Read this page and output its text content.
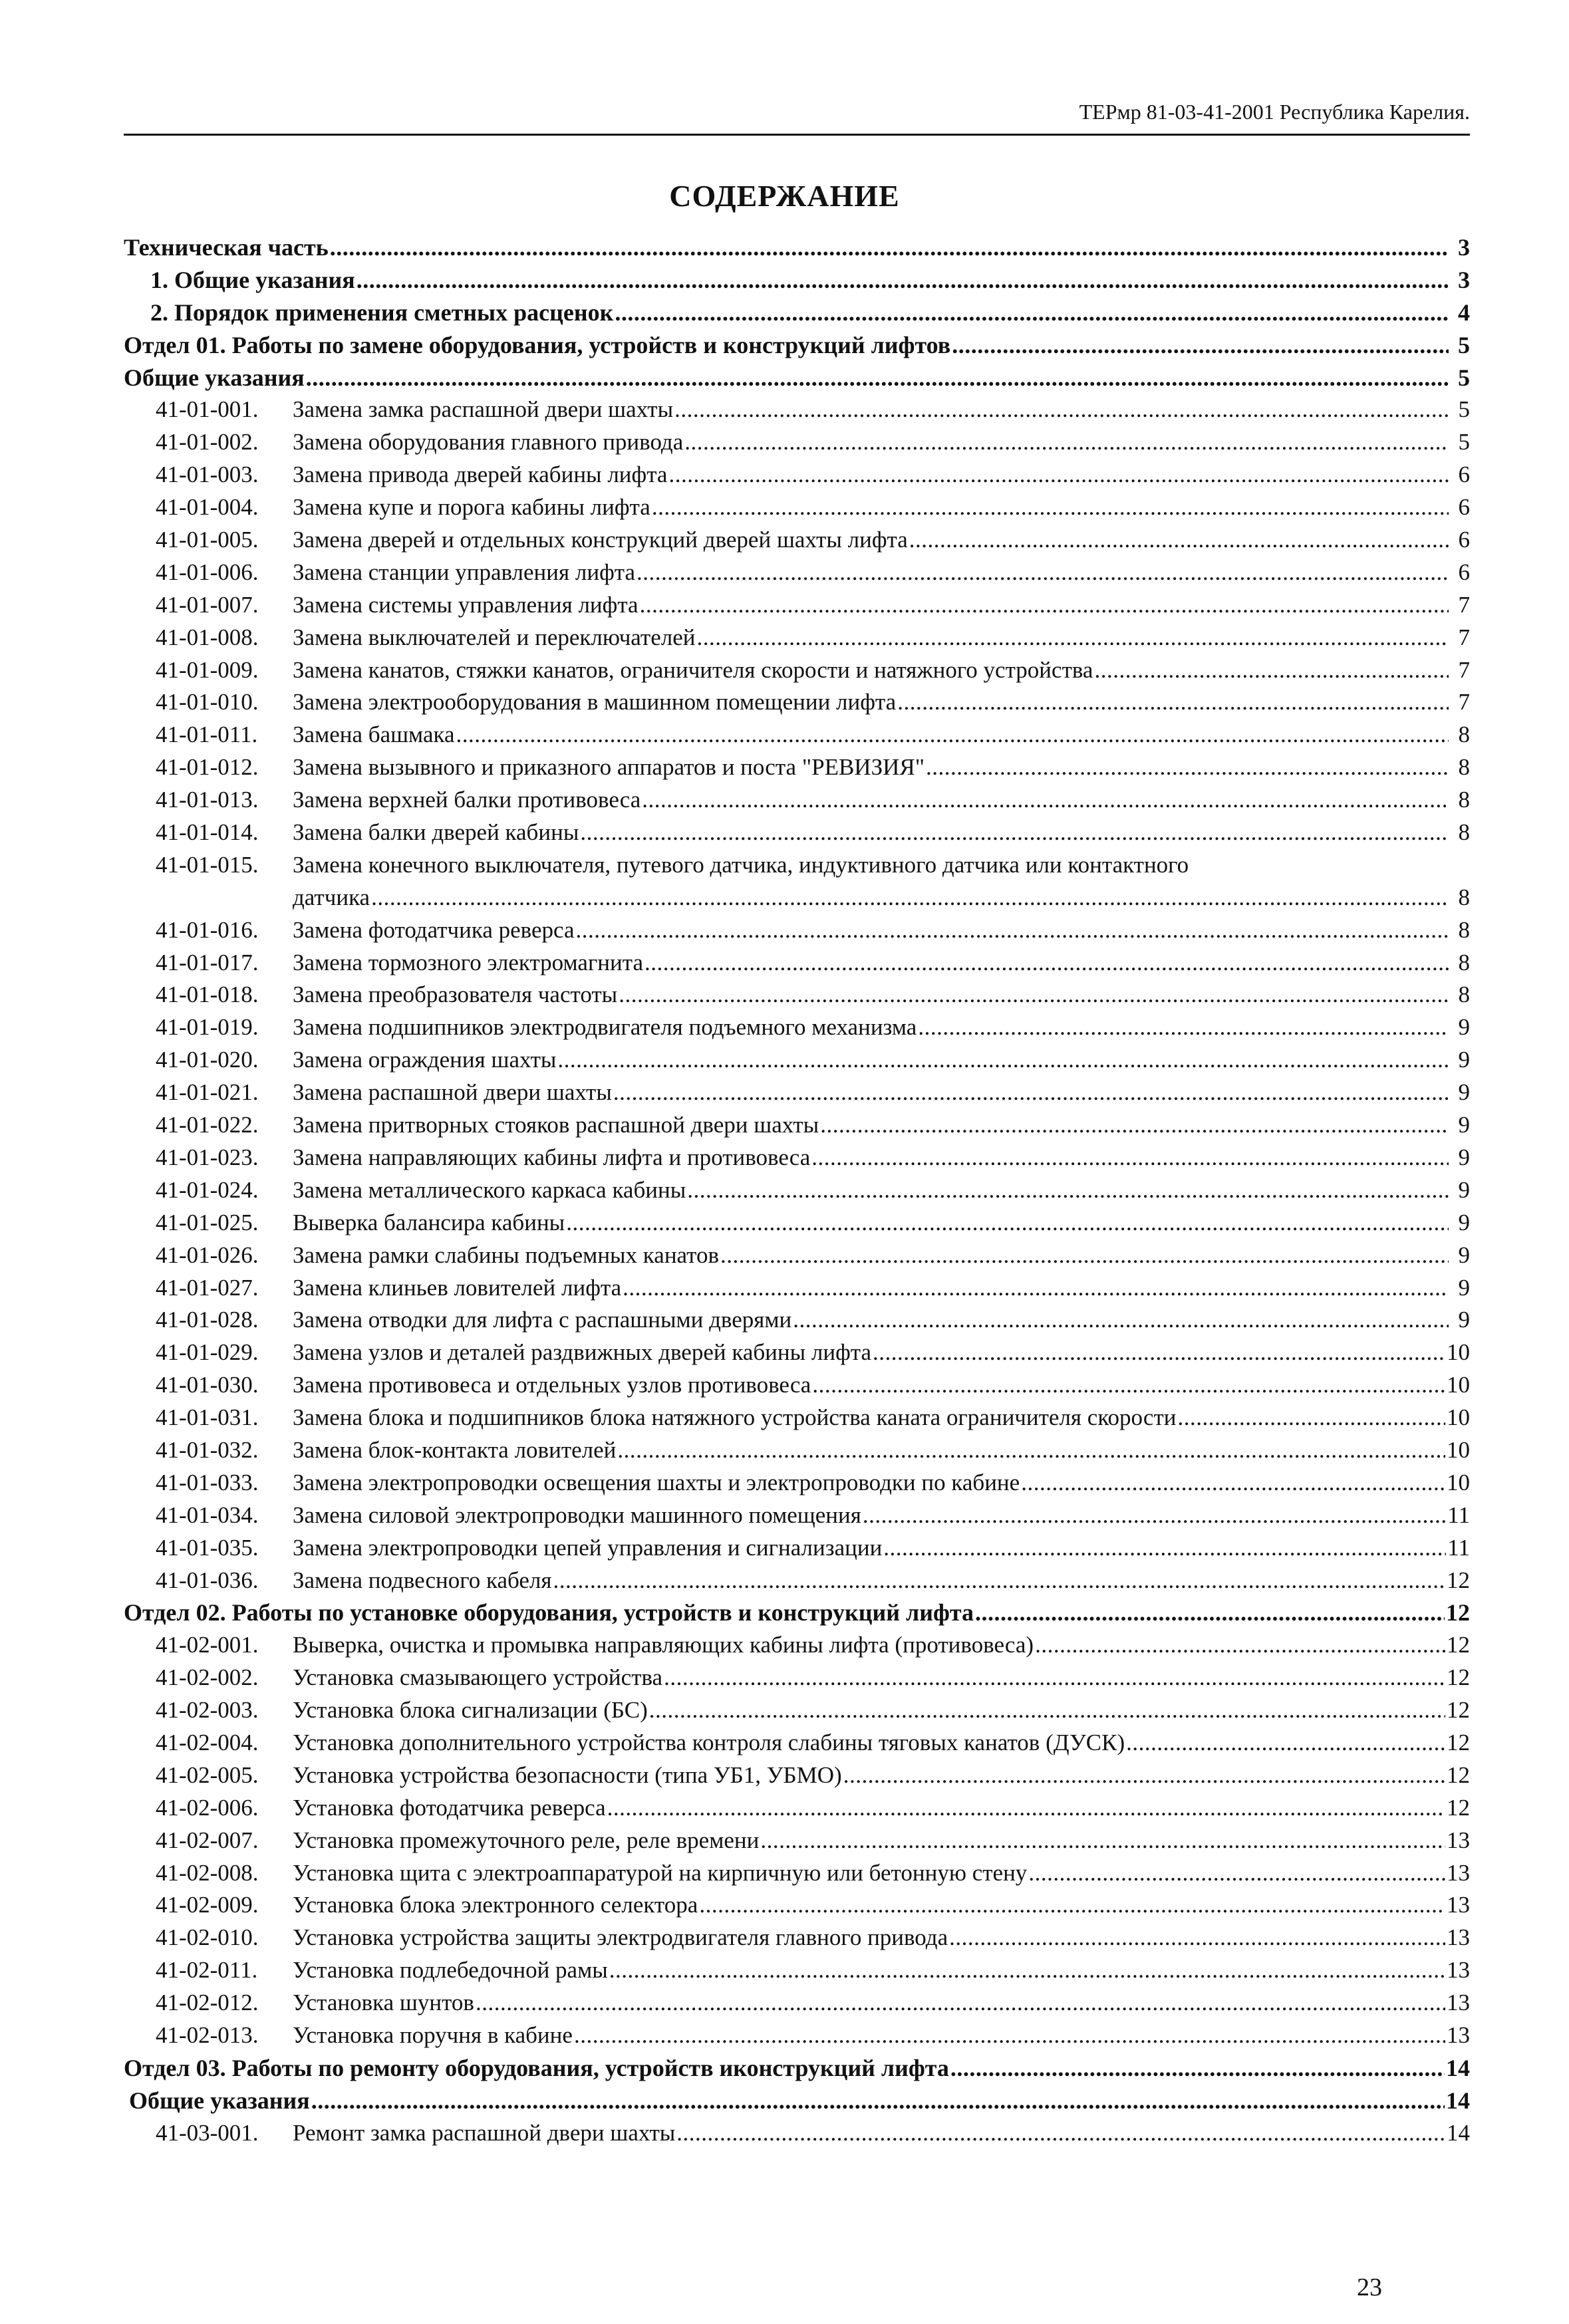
ТЕРмр 81-03-41-2001 Республика Карелия.
СОДЕРЖАНИЕ
Техническая часть .....	3
1. Общие указания .....	3
2. Порядок применения сметных расценок .....	4
Отдел 01. Работы по замене оборудования, устройств и конструкций лифтов .....	5
Общие указания .....	5
41-01-001.	Замена замка распашной двери шахты .....	5
41-01-002.	Замена оборудования главного привода .....	5
41-01-003.	Замена привода дверей кабины лифта .....	6
41-01-004.	Замена купе и порога кабины лифта .....	6
41-01-005.	Замена дверей и отдельных конструкций дверей шахты лифта .....	6
41-01-006.	Замена станции управления лифта .....	6
41-01-007.	Замена системы управления лифта .....	7
41-01-008.	Замена выключателей и переключателей .....	7
41-01-009.	Замена канатов, стяжки канатов, ограничителя скорости и натяжного устройства .....	7
41-01-010.	Замена электрооборудования в машинном помещении лифта .....	7
41-01-011.	Замена башмака .....	8
41-01-012.	Замена вызывного и приказного аппаратов и поста "РЕВИЗИЯ" .....	8
41-01-013.	Замена верхней балки противовеса .....	8
41-01-014.	Замена балки дверей кабины .....	8
41-01-015.	Замена конечного выключателя, путевого датчика, индуктивного датчика или контактного
датчика .....	8
41-01-016.	Замена фотодатчика реверса .....	8
41-01-017.	Замена тормозного электромагнита .....	8
41-01-018.	Замена преобразователя частоты .....	8
41-01-019.	Замена подшипников электродвигателя подъемного механизма .....	9
41-01-020.	Замена ограждения шахты .....	9
41-01-021.	Замена распашной двери шахты .....	9
41-01-022.	Замена притворных стояков распашной двери шахты .....	9
41-01-023.	Замена направляющих кабины лифта и противовеса .....	9
41-01-024.	Замена металлического каркаса кабины .....	9
41-01-025.	Выверка балансира кабины .....	9
41-01-026.	Замена рамки слабины подъемных канатов .....	9
41-01-027.	Замена клиньев ловителей лифта .....	9
41-01-028.	Замена отводки для лифта с распашными дверями .....	9
41-01-029.	Замена узлов и деталей раздвижных дверей кабины лифта .....	10
41-01-030.	Замена противовеса и отдельных узлов противовеса .....	10
41-01-031.	Замена блока и подшипников блока натяжного устройства каната ограничителя скорости .....	10
41-01-032.	Замена блок-контакта ловителей .....	10
41-01-033.	Замена электропроводки освещения шахты и электропроводки по кабине .....	10
41-01-034.	Замена силовой электропроводки машинного помещения .....	11
41-01-035.	Замена электропроводки цепей управления и сигнализации .....	11
41-01-036.	Замена подвесного кабеля .....	12
Отдел 02. Работы по установке оборудования, устройств и конструкций лифта .....	12
41-02-001.	Выверка, очистка и промывка направляющих кабины лифта (противовеса) .....	12
41-02-002.	Установка смазывающего устройства .....	12
41-02-003.	Установка блока сигнализации (БС) .....	12
41-02-004.	Установка дополнительного устройства контроля слабины тяговых канатов (ДУСК) .....	12
41-02-005.	Установка устройства безопасности (типа УБ1, УБМО) .....	12
41-02-006.	Установка фотодатчика реверса .....	12
41-02-007.	Установка промежуточного реле, реле времени .....	13
41-02-008.	Установка щита с электроаппаратурой на кирпичную или бетонную стену .....	13
41-02-009.	Установка блока электронного селектора .....	13
41-02-010.	Установка устройства защиты электродвигателя главного привода .....	13
41-02-011.	Установка подлебедочной рамы .....	13
41-02-012.	Установка шунтов .....	13
41-02-013.	Установка поручня в кабине .....	13
Отдел 03. Работы по ремонту оборудования, устройств иконструкций лифта .....	14
Общие указания .....	14
41-03-001.	Ремонт замка распашной двери шахты .....	14
23
